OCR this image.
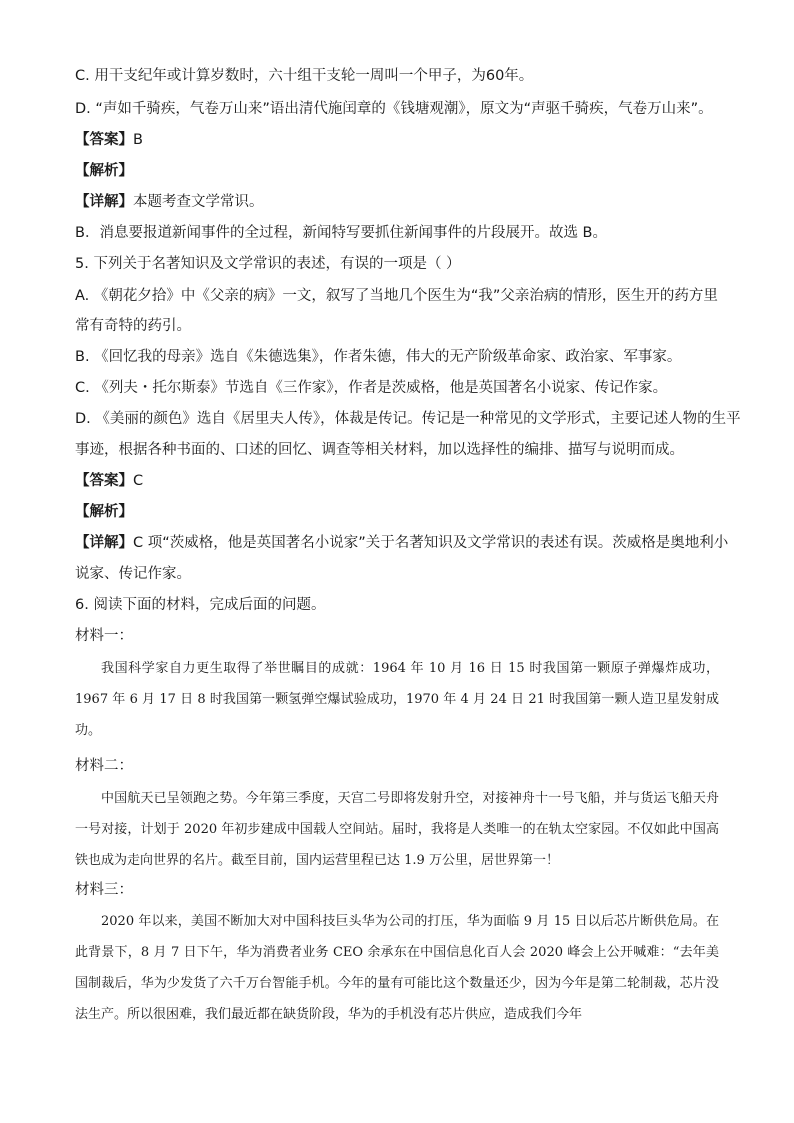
C. 用干支纪年或计算岁数时，六十组干支轮一周叫一个甲子，为60年。
D. “声如千骑疾，气卷万山来”语出清代施闰章的《钱塘观潮》，原文为“声驱千骑疾，气卷万山来”。
【答案】B
【解析】
【详解】本题考查文学常识。
B．消息要报道新闻事件的全过程，新闻特写要抓住新闻事件的片段展开。故选 B。
5. 下列关于名著知识及文学常识的表述，有误的一项是（ ）
A. 《朝花夕拾》中《父亲的病》一文，叙写了当地几个医生为“我”父亲治病的情形，医生开的药方里
常有奇特的药引。
B. 《回忆我的母亲》选自《朱德选集》，作者朱德，伟大的无产阶级革命家、政治家、军事家。
C. 《列夫・托尔斯泰》节选自《三作家》，作者是茨威格，他是英国著名小说家、传记作家。
D. 《美丽的颜色》选自《居里夫人传》，体裁是传记。传记是一种常见的文学形式，主要记述人物的生平
事迹，根据各种书面的、口述的回忆、调查等相关材料，加以选择性的编排、描写与说明而成。
【答案】C
【解析】
【详解】C 项“茨威格，他是英国著名小说家”关于名著知识及文学常识的表述有误。茨威格是奥地利小
说家、传记作家。
6. 阅读下面的材料，完成后面的问题。
材料一：
我国科学家自力更生取得了举世瞩目的成就：1964 年 10 月 16 日 15 时我国第一颗原子弹爆炸成功，1967 年 6 月 17 日 8 时我国第一颗氢弹空爆试验成功，1970 年 4 月 24 日 21 时我国第一颗人造卫星发射成功。
材料二：
中国航天已呈领跑之势。今年第三季度，天宫二号即将发射升空，对接神舟十一号飞船，并与货运飞船天舟一号对接，计划于 2020 年初步建成中国载人空间站。届时，我将是人类唯一的在轨太空家园。不仅如此中国高铁也成为走向世界的名片。截至目前，国内运营里程已达 1.9 万公里，居世界第一！
材料三：
2020 年以来，美国不断加大对中国科技巨头华为公司的打压，华为面临 9 月 15 日以后芯片断供危局。在此背景下，8 月 7 日下午，华为消费者业务 CEO 余承东在中国信息化百人会 2020 峰会上公开喊难：“去年美国制裁后，华为少发货了六千万台智能手机。今年的量有可能比这个数量还少，因为今年是第二轮制裁，芯片没法生产。所以很困难，我们最近都在缺货阶段，华为的手机没有芯片供应，造成我们今年
